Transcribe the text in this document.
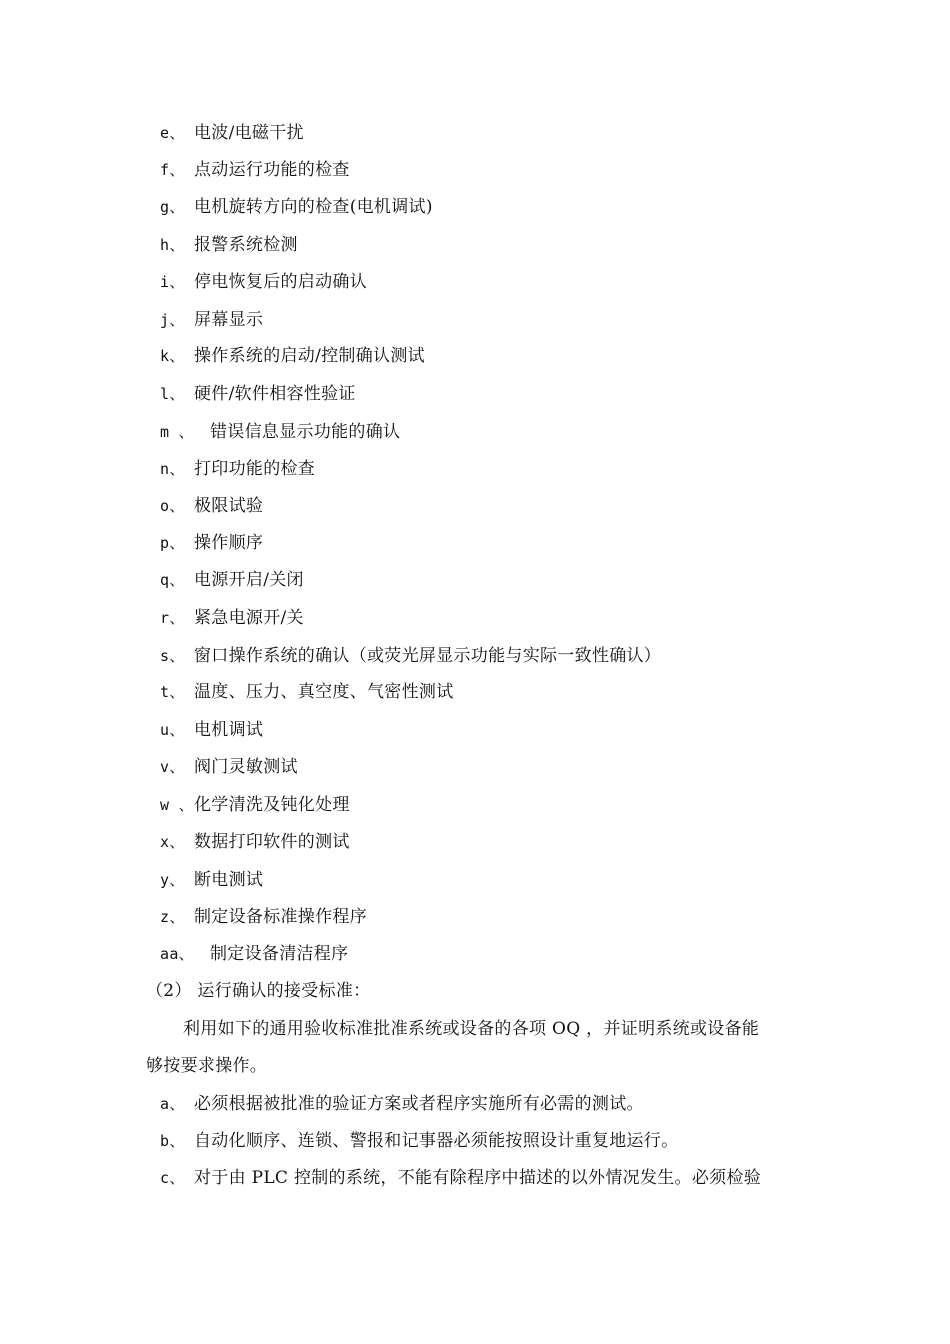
e、 电波/电磁干扰
f、 点动运行功能的检查
g、 电机旋转方向的检查(电机调试)
h、 报警系统检测
i、 停电恢复后的启动确认
j、 屏幕显示
k、 操作系统的启动/控制确认测试
l、 硬件/软件相容性验证
m 、 错误信息显示功能的确认
n、 打印功能的检查
o、 极限试验
p、 操作顺序
q、 电源开启/关闭
r、 紧急电源开/关
s、 窗口操作系统的确认（或荧光屏显示功能与实际一致性确认）
t、 温度、压力、真空度、气密性测试
u、 电机调试
v、 阀门灵敏测试
w 、化学清洗及钝化处理
x、 数据打印软件的测试
y、 断电测试
z、 制定设备标准操作程序
aa、 制定设备清洁程序
（2） 运行确认的接受标准：
利用如下的通用验收标准批准系统或设备的各项 OQ ，并证明系统或设备能
够按要求操作。
a、 必须根据被批准的验证方案或者程序实施所有必需的测试。
b、 自动化顺序、连锁、警报和记事器必须能按照设计重复地运行。
c、 对于由 PLC 控制的系统，不能有除程序中描述的以外情况发生。必须检验
